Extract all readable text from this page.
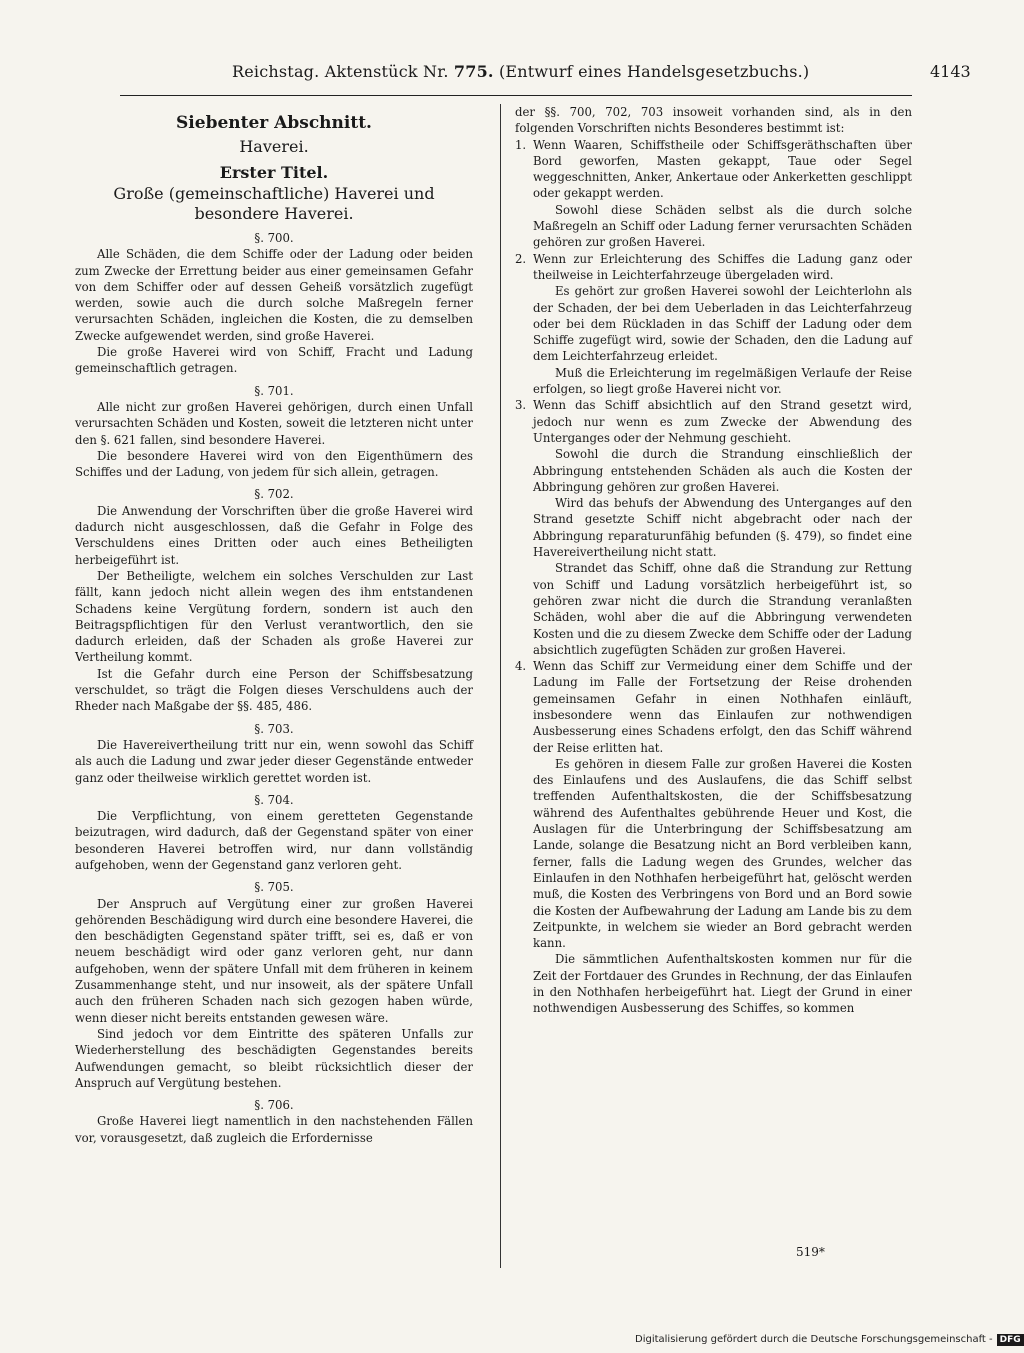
Reichstag. Aktenstück Nr. 775. (Entwurf eines Handelsgesetzbuchs.)	4143
Siebenter Abschnitt.
Haverei.
Erster Titel.
Große (gemeinschaftliche) Haverei und besondere Haverei.
§. 700.

Alle Schäden, die dem Schiffe oder der Ladung oder beiden zum Zwecke der Errettung beider aus einer gemeinsamen Gefahr von dem Schiffer oder auf dessen Geheiß vorsätzlich zugefügt werden, sowie auch die durch solche Maßregeln ferner verursachten Schäden, ingleichen die Kosten, die zu demselben Zwecke aufgewendet werden, sind große Haverei.

Die große Haverei wird von Schiff, Fracht und Ladung gemeinschaftlich getragen.

§. 701.

Alle nicht zur großen Haverei gehörigen, durch einen Unfall verursachten Schäden und Kosten, soweit die letzteren nicht unter den §. 621 fallen, sind besondere Haverei.

Die besondere Haverei wird von den Eigenthümern des Schiffes und der Ladung, von jedem für sich allein, getragen.

§. 702.

Die Anwendung der Vorschriften über die große Haverei wird dadurch nicht ausgeschlossen, daß die Gefahr in Folge des Verschuldens eines Dritten oder auch eines Betheiligten herbeigeführt ist.

Der Betheiligte, welchem ein solches Verschulden zur Last fällt, kann jedoch nicht allein wegen des ihm entstandenen Schadens keine Vergütung fordern, sondern ist auch den Beitragspflichtigen für den Verlust verantwortlich, den sie dadurch erleiden, daß der Schaden als große Haverei zur Vertheilung kommt.

Ist die Gefahr durch eine Person der Schiffsbesatzung verschuldet, so trägt die Folgen dieses Verschuldens auch der Rheder nach Maßgabe der §§. 485, 486.

§. 703.

Die Havereivertheilung tritt nur ein, wenn sowohl das Schiff als auch die Ladung und zwar jeder dieser Gegenstände entweder ganz oder theilweise wirklich gerettet worden ist.

§. 704.

Die Verpflichtung, von einem geretteten Gegenstande beizutragen, wird dadurch, daß der Gegenstand später von einer besonderen Haverei betroffen wird, nur dann vollständig aufgehoben, wenn der Gegenstand ganz verloren geht.

§. 705.

Der Anspruch auf Vergütung einer zur großen Haverei gehörenden Beschädigung wird durch eine besondere Haverei, die den beschädigten Gegenstand später trifft, sei es, daß er von neuem beschädigt wird oder ganz verloren geht, nur dann aufgehoben, wenn der spätere Unfall mit dem früheren in keinem Zusammenhange steht, und nur insoweit, als der spätere Unfall auch den früheren Schaden nach sich gezogen haben würde, wenn dieser nicht bereits entstanden gewesen wäre.

Sind jedoch vor dem Eintritte des späteren Unfalls zur Wiederherstellung des beschädigten Gegenstandes bereits Aufwendungen gemacht, so bleibt rücksichtlich dieser der Anspruch auf Vergütung bestehen.

§. 706.

Große Haverei liegt namentlich in den nachstehenden Fällen vor, vorausgesetzt, daß zugleich die Erfordernisse

der §§. 700, 702, 703 insoweit vorhanden sind, als in den folgenden Vorschriften nichts Besonderes bestimmt ist:

1. Wenn Waaren, Schiffstheile oder Schiffsgeräthschaften über Bord geworfen, Masten gekappt, Taue oder Segel weggeschnitten, Anker, Ankertaue oder Ankerketten geschlippt oder gekappt werden.

Sowohl diese Schäden selbst als die durch solche Maßregeln an Schiff oder Ladung ferner verursachten Schäden gehören zur großen Haverei.

2. Wenn zur Erleichterung des Schiffes die Ladung ganz oder theilweise in Leichterfahrzeuge übergeladen wird.

Es gehört zur großen Haverei sowohl der Leichterlohn als der Schaden, der bei dem Ueberladen in das Leichterfahrzeug oder bei dem Rückladen in das Schiff der Ladung oder dem Schiffe zugefügt wird, sowie der Schaden, den die Ladung auf dem Leichterfahrzeug erleidet.

Muß die Erleichterung im regelmäßigen Verlaufe der Reise erfolgen, so liegt große Haverei nicht vor.

3. Wenn das Schiff absichtlich auf den Strand gesetzt wird, jedoch nur wenn es zum Zwecke der Abwendung des Unterganges oder der Nehmung geschieht.

Sowohl die durch die Strandung einschließlich der Abbringung entstehenden Schäden als auch die Kosten der Abbringung gehören zur großen Haverei.

Wird das behufs der Abwendung des Unterganges auf den Strand gesetzte Schiff nicht abgebracht oder nach der Abbringung reparaturunfähig befunden (§. 479), so findet eine Havereivertheilung nicht statt.

Strandet das Schiff, ohne daß die Strandung zur Rettung von Schiff und Ladung vorsätzlich herbeigeführt ist, so gehören zwar nicht die durch die Strandung veranlaßten Schäden, wohl aber die auf die Abbringung verwendeten Kosten und die zu diesem Zwecke dem Schiffe oder der Ladung absichtlich zugefügten Schäden zur großen Haverei.

4. Wenn das Schiff zur Vermeidung einer dem Schiffe und der Ladung im Falle der Fortsetzung der Reise drohenden gemeinsamen Gefahr in einen Nothhafen einläuft, insbesondere wenn das Einlaufen zur nothwendigen Ausbesserung eines Schadens erfolgt, den das Schiff während der Reise erlitten hat.

Es gehören in diesem Falle zur großen Haverei die Kosten des Einlaufens und des Auslaufens, die das Schiff selbst treffenden Aufenthaltskosten, die der Schiffsbesatzung während des Aufenthaltes gebührende Heuer und Kost, die Auslagen für die Unterbringung der Schiffsbesatzung am Lande, solange die Besatzung nicht an Bord verbleiben kann, ferner, falls die Ladung wegen des Grundes, welcher das Einlaufen in den Nothhafen herbeigeführt hat, gelöscht werden muß, die Kosten des Verbringens von Bord und an Bord sowie die Kosten der Aufbewahrung der Ladung am Lande bis zu dem Zeitpunkte, in welchem sie wieder an Bord gebracht werden kann.

Die sämmtlichen Aufenthaltskosten kommen nur für die Zeit der Fortdauer des Grundes in Rechnung, der das Einlaufen in den Nothhafen herbeigeführt hat. Liegt der Grund in einer nothwendigen Ausbesserung des Schiffes, so kommen

519*
Digitalisierung gefördert durch die Deutsche Forschungsgemeinschaft - DFG
